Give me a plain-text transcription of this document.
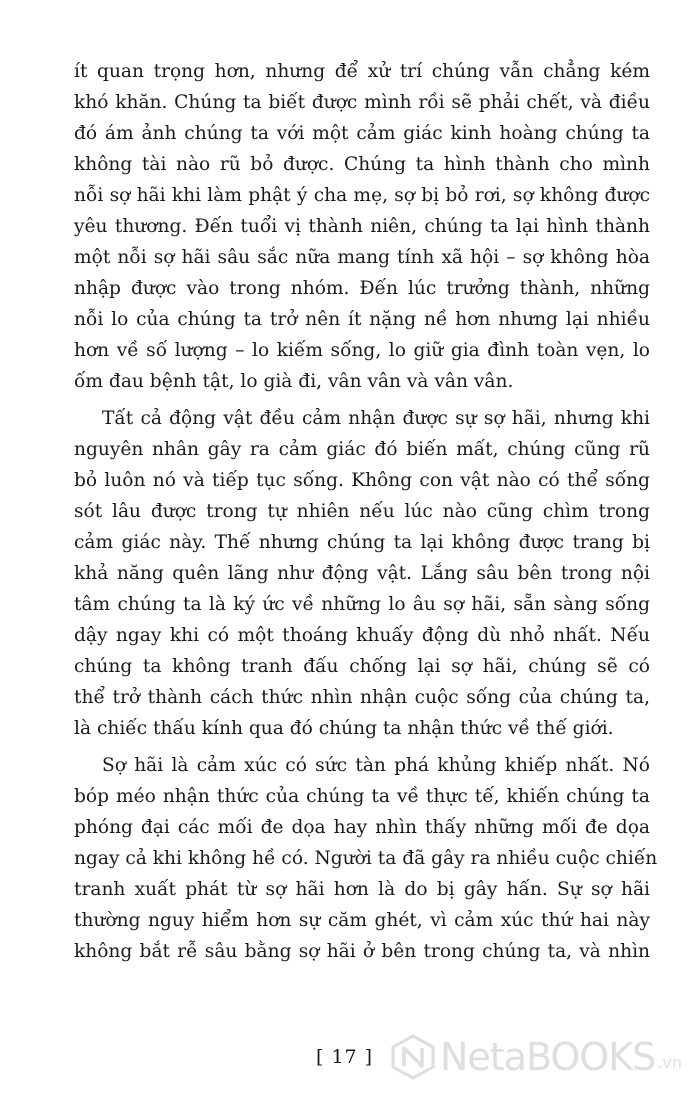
ít quan trọng hơn, nhưng để xử trí chúng vẫn chẳng kém
khó khăn. Chúng ta biết được mình rồi sẽ phải chết, và điều
đó ám ảnh chúng ta với một cảm giác kinh hoàng chúng ta
không tài nào rũ bỏ được. Chúng ta hình thành cho mình
nỗi sợ hãi khi làm phật ý cha mẹ, sợ bị bỏ rơi, sợ không được
yêu thương. Đến tuổi vị thành niên, chúng ta lại hình thành
một nỗi sợ hãi sâu sắc nữa mang tính xã hội – sợ không hòa
nhập được vào trong nhóm. Đến lúc trưởng thành, những
nỗi lo của chúng ta trở nên ít nặng nề hơn nhưng lại nhiều
hơn về số lượng – lo kiếm sống, lo giữ gia đình toàn vẹn, lo
ốm đau bệnh tật, lo già đi, vân vân và vân vân.
Tất cả động vật đều cảm nhận được sự sợ hãi, nhưng khi
nguyên nhân gây ra cảm giác đó biến mất, chúng cũng rũ
bỏ luôn nó và tiếp tục sống. Không con vật nào có thể sống
sót lâu được trong tự nhiên nếu lúc nào cũng chìm trong
cảm giác này. Thế nhưng chúng ta lại không được trang bị
khả năng quên lãng như động vật. Lắng sâu bên trong nội
tâm chúng ta là ký ức về những lo âu sợ hãi, sẵn sàng sống
dậy ngay khi có một thoáng khuấy động dù nhỏ nhất. Nếu
chúng ta không tranh đấu chống lại sợ hãi, chúng sẽ có
thể trở thành cách thức nhìn nhận cuộc sống của chúng ta,
là chiếc thấu kính qua đó chúng ta nhận thức về thế giới.
Sợ hãi là cảm xúc có sức tàn phá khủng khiếp nhất. Nó
bóp méo nhận thức của chúng ta về thực tế, khiến chúng ta
phóng đại các mối đe dọa hay nhìn thấy những mối đe dọa
ngay cả khi không hề có. Người ta đã gây ra nhiều cuộc chiến
tranh xuất phát từ sợ hãi hơn là do bị gây hấn. Sự sợ hãi
thường nguy hiểm hơn sự căm ghét, vì cảm xúc thứ hai này
không bắt rễ sâu bằng sợ hãi ở bên trong chúng ta, và nhìn
[ 17 ] NetaBOOKS .vn
